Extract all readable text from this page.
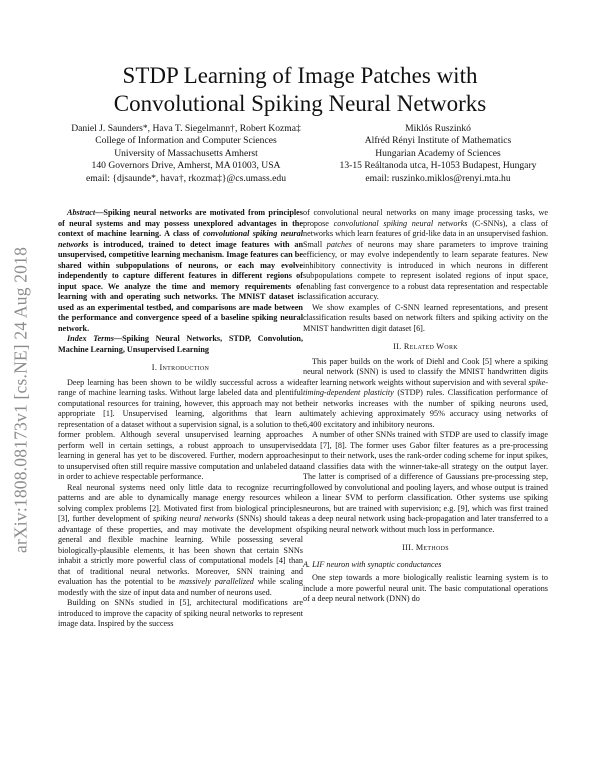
arXiv:1808.08173v1 [cs.NE] 24 Aug 2018
STDP Learning of Image Patches with
Convolutional Spiking Neural Networks
Daniel J. Saunders*, Hava T. Siegelmann†, Robert Kozma‡
College of Information and Computer Sciences
University of Massachusetts Amherst
140 Governors Drive, Amherst, MA 01003, USA
email: {djsaunde*, hava†, rkozma‡}@cs.umass.edu
Miklós Ruszinkó
Alfréd Rényi Institute of Mathematics
Hungarian Academy of Sciences
13-15 Reáltanoda utca, H-1053 Budapest, Hungary
email: ruszinko.miklos@renyi.mta.hu

Abstract—Spiking neural networks are motivated from principles of neural systems and may possess unexplored advantages in the context of machine learning. A class of convolutional spiking neural networks is introduced, trained to detect image features with an unsupervised, competitive learning mechanism. Image features can be shared within subpopulations of neurons, or each may evolve independently to capture different features in different regions of input space. We analyze the time and memory requirements of learning with and operating such networks. The MNIST dataset is used as an experimental testbed, and comparisons are made between the performance and convergence speed of a baseline spiking neural network.

Index Terms—Spiking Neural Networks, STDP, Convolution, Machine Learning, Unsupervised Learning

I. Introduction

Deep learning has been shown to be wildly successful across a wide range of machine learning tasks. Without large labeled data and plentiful computational resources for training, however, this approach may not be appropriate [1]. Unsupervised learning, algorithms that learn a representation of a dataset without a supervision signal, is a solution to the former problem. Although several unsupervised learning approaches perform well in certain settings, a robust approach to unsupervised learning in general has yet to be discovered. Further, modern approaches to unsupervised often still require massive computation and unlabeled data in order to achieve respectable performance.

Real neuronal systems need only little data to recognize recurring patterns and are able to dynamically manage energy resources while solving complex problems [2]. Motivated first from biological principles [3], further development of spiking neural networks (SNNs) should take advantage of these properties, and may motivate the development of general and flexible machine learning. While possessing several biologically-plausible elements, it has been shown that certain SNNs inhabit a strictly more powerful class of computational models [4] than that of traditional neural networks. Moreover, SNN training and evaluation has the potential to be massively parallelized while scaling modestly with the size of input data and number of neurons used.

Building on SNNs studied in [5], architectural modifications are introduced to improve the capacity of spiking neural networks to represent image data. Inspired by the success

of convolutional neural networks on many image processing tasks, we propose convolutional spiking neural networks (C-SNNs), a class of networks which learn features of grid-like data in an unsupervised fashion. Small patches of neurons may share parameters to improve training efficiency, or may evolve independently to learn separate features. New inhibitory connectivity is introduced in which neurons in different subpopulations compete to represent isolated regions of input space, enabling fast convergence to a robust data representation and respectable classification accuracy.

We show examples of C-SNN learned representations, and present classification results based on network filters and spiking activity on the MNIST handwritten digit dataset [6].

II. Related Work

This paper builds on the work of Diehl and Cook [5] where a spiking neural network (SNN) is used to classify the MNIST handwritten digits after learning network weights without supervision and with several spike-timing-dependent plasticity (STDP) rules. Classification performance of their networks increases with the number of spiking neurons used, ultimately achieving approximately 95% accuracy using networks of 6,400 excitatory and inhibitory neurons.

A number of other SNNs trained with STDP are used to classify image data [7], [8]. The former uses Gabor filter features as a pre-processing input to their network, uses the rank-order coding scheme for input spikes, and classifies data with the winner-take-all strategy on the output layer. The latter is comprised of a difference of Gaussians pre-processing step, followed by convolutional and pooling layers, and whose output is trained on a linear SVM to perform classification. Other systems use spiking neurons, but are trained with supervision; e.g. [9], which was first trained as a deep neural network using back-propagation and later transferred to a spiking neural network without much loss in performance.

III. Methods
A. LIF neuron with synaptic conductances

One step towards a more biologically realistic learning system is to include a more powerful neural unit. The basic computational operations of a deep neural network (DNN) do
